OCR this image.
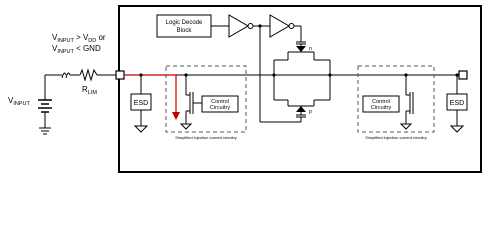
$V_{INPUT} > V_{DD}$ or
$V_{INPUT}$ < GND
$V_{INPUT}$
$R_{LIM}$
ESD	ESD
Control
Circuitry
Simplified injection current circuitry
Control
Circuitry
Simplified injection current circuitry
Logic Decode
Block
n
p
